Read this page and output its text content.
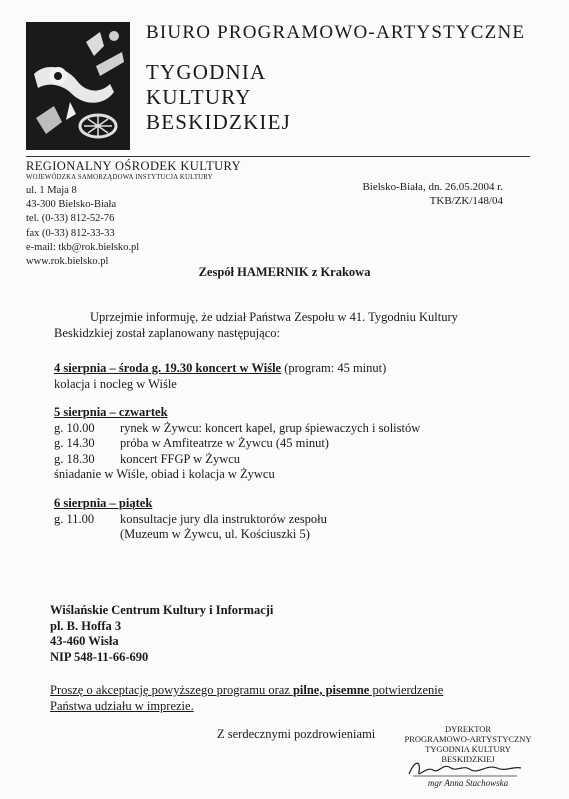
BIURO PROGRAMOWO-ARTYSTYCZNE
TYGODNIA
KULTURY
BESKIDZKIEJ
REGIONALNY OŚRODEK KULTURY
WOJEWÓDZKA SAMORZĄDOWA INSTYTUCJA KULTURY
ul. 1 Maja 8
43-300 Bielsko-Biała
tel. (0-33) 812-52-76
fax (0-33) 812-33-33
e-mail: tkb@rok.bielsko.pl
www.rok.bielsko.pl
Bielsko-Biała, dn. 26.05.2004 r.
TKB/ZK/148/04
Zespół HAMERNIK z Krakowa
Uprzejmie informuję, że udział Państwa Zespołu w 41. Tygodniu Kultury Beskidzkiej został zaplanowany następująco:
4 sierpnia – środa g. 19.30 koncert w Wiśle (program: 45 minut)
kolacja i nocleg w Wiśle
5 sierpnia – czwartek
g. 10.00	rynek w Żywcu: koncert kapel, grup śpiewaczych i solistów
g. 14.30	próba w Amfiteatrze w Żywcu (45 minut)
g. 18.30	koncert FFGP w Żywcu
śniadanie w Wiśle, obiad i kolacja w Żywcu
6 sierpnia – piątek
g. 11.00	konsultacje jury dla instruktorów zespołu
(Muzeum w Żywcu, ul. Kościuszki 5)
Wiślańskie Centrum Kultury i Informacji
pl. B. Hoffa 3
43-460 Wisła
NIP 548-11-66-690
Proszę o akceptację powyższego programu oraz pilne, pisemne potwierdzenie
Państwa udziału w imprezie.
Z serdecznymi pozdrowieniami	DYREKTOR
PROGRAMOWO-ARTYSTYCZNY
TYGODNIA KULTURY BESKIDZKIEJ
mgr Anna Stachowska
